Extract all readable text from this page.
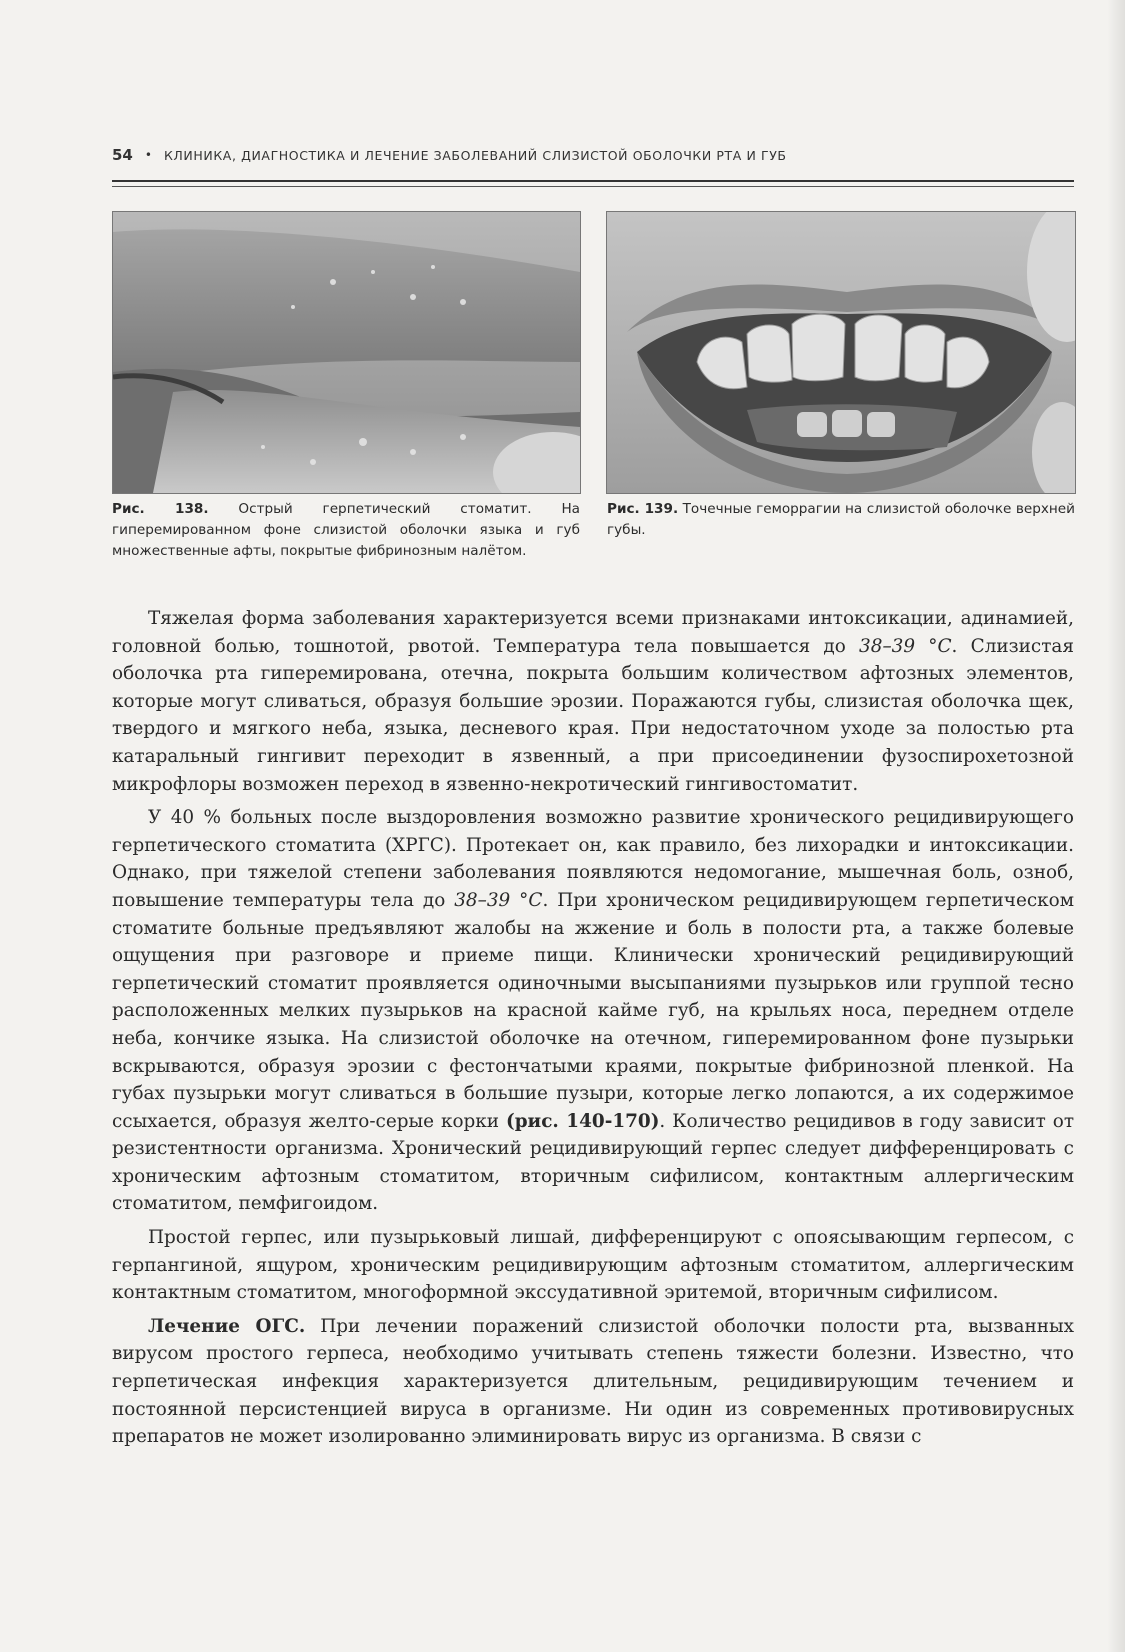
54 • КЛИНИКА, ДИАГНОСТИКА И ЛЕЧЕНИЕ ЗАБОЛЕВАНИЙ СЛИЗИСТОЙ ОБОЛОЧКИ РТА И ГУБ
Рис. 138. Острый герпетический стоматит. На гиперемированном фоне слизистой оболочки языка и губ множественные афты, покрытые фибринозным налётом.
Рис. 139. Точечные геморрагии на слизистой оболочке верхней губы.

Тяжелая форма заболевания характеризуется всеми признаками интоксикации, адинамией, головной болью, тошнотой, рвотой. Температура тела повышается до 38–39 °C. Слизистая оболочка рта гиперемирована, отечна, покрыта большим количеством афтозных элементов, которые могут сливаться, образуя большие эрозии. Поражаются губы, слизистая оболочка щек, твердого и мягкого неба, языка, десневого края. При недостаточном уходе за полостью рта катаральный гингивит переходит в язвенный, а при присоединении фузоспирохетозной микрофлоры возможен переход в язвенно-некротический гингивостоматит.

У 40 % больных после выздоровления возможно развитие хронического рецидивирующего герпетического стоматита (ХРГС). Протекает он, как правило, без лихорадки и интоксикации. Однако, при тяжелой степени заболевания появляются недомогание, мышечная боль, озноб, повышение температуры тела до 38–39 °C. При хроническом рецидивирующем герпетическом стоматите больные предъявляют жалобы на жжение и боль в полости рта, а также болевые ощущения при разговоре и приеме пищи. Клинически хронический рецидивирующий герпетический стоматит проявляется одиночными высыпаниями пузырьков или группой тесно расположенных мелких пузырьков на красной кайме губ, на крыльях носа, переднем отделе неба, кончике языка. На слизистой оболочке на отечном, гиперемированном фоне пузырьки вскрываются, образуя эрозии с фестончатыми краями, покрытые фибринозной пленкой. На губах пузырьки могут сливаться в большие пузыри, которые легко лопаются, а их содержимое ссыхается, образуя желто-серые корки (рис. 140-170). Количество рецидивов в году зависит от резистентности организма. Хронический рецидивирующий герпес следует дифференцировать с хроническим афтозным стоматитом, вторичным сифилисом, контактным аллергическим стоматитом, пемфигоидом.

Простой герпес, или пузырьковый лишай, дифференцируют с опоясывающим герпесом, с герпангиной, ящуром, хроническим рецидивирующим афтозным стоматитом, аллергическим контактным стоматитом, многоформной экссудативной эритемой, вторичным сифилисом.

Лечение ОГС. При лечении поражений слизистой оболочки полости рта, вызванных вирусом простого герпеса, необходимо учитывать степень тяжести болезни. Известно, что герпетическая инфекция характеризуется длительным, рецидивирующим течением и постоянной персистенцией вируса в организме. Ни один из современных противовирусных препаратов не может изолированно элиминировать вирус из организма. В связи с
